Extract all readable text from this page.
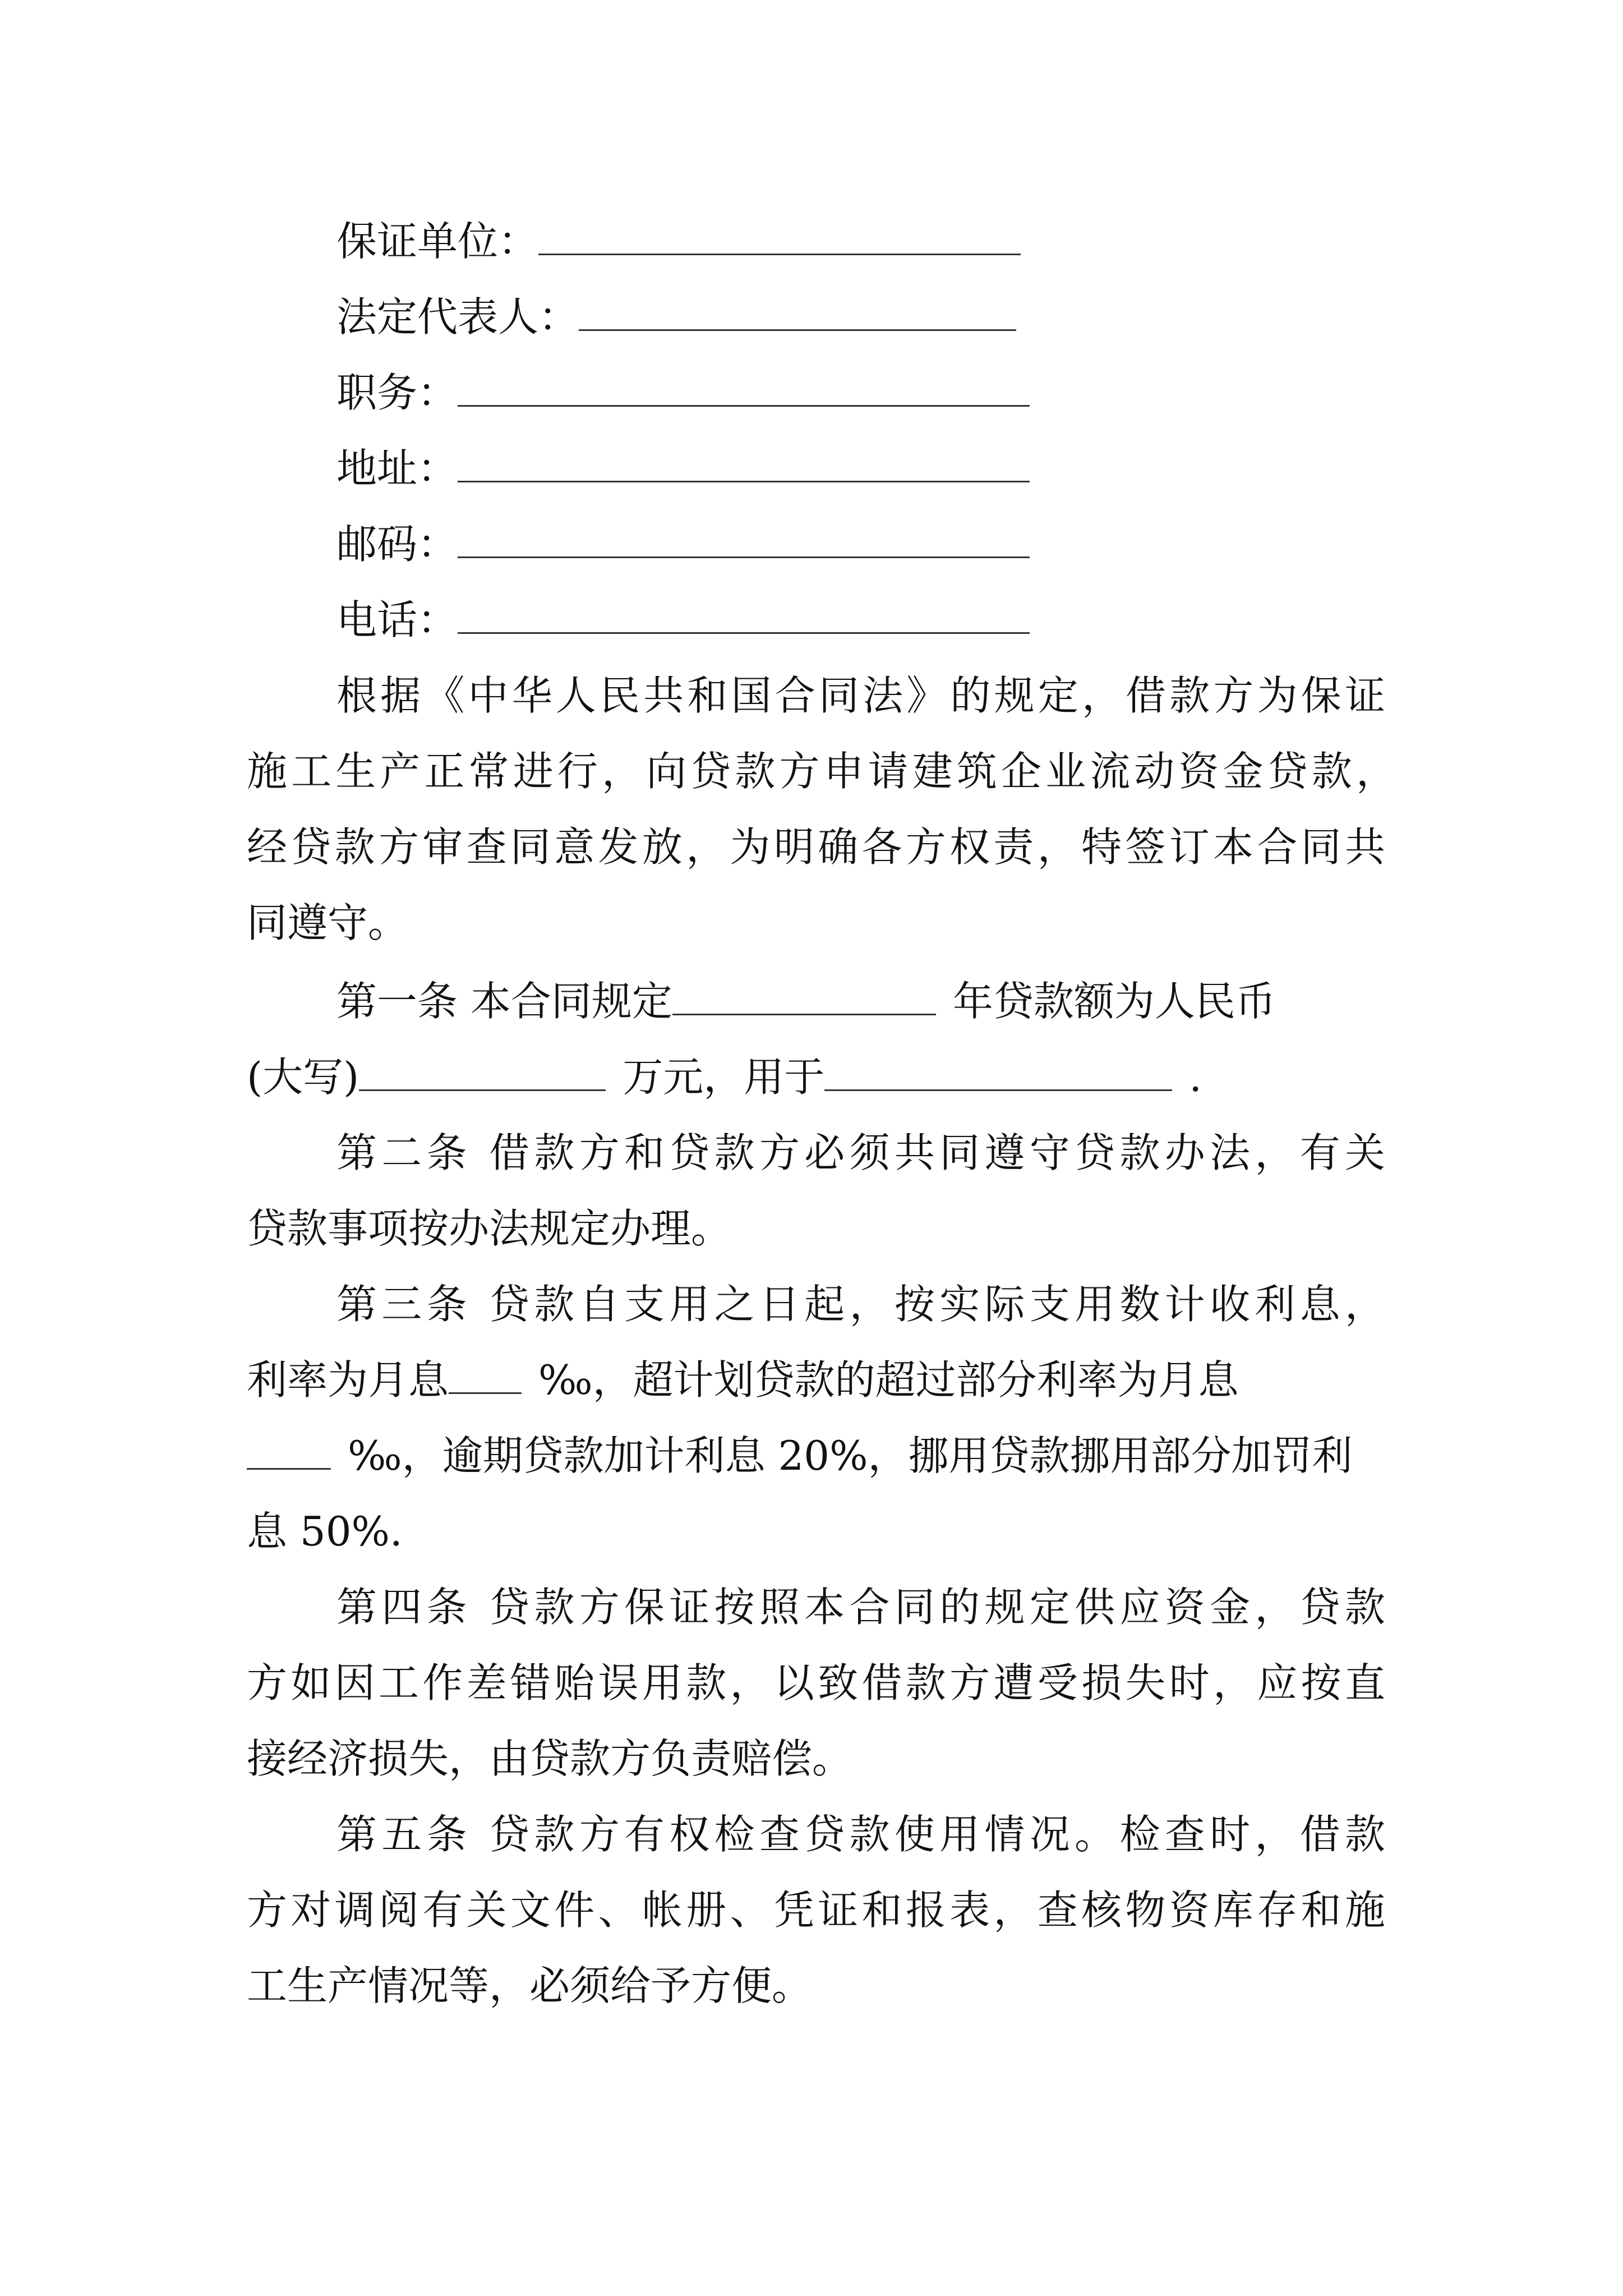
保证单位：
法定代表人：
职务：
地址：
邮码：
电话：
根据《中华人民共和国合同法》的规定，借款方为保证
施工生产正常进行，向贷款方申请建筑企业流动资金贷款，
经贷款方审查同意发放，为明确各方权责，特签订本合同共
同遵守。
第一条 本合同规定	年贷款额为人民币
(大写)	万元，用于	.
第二条 借款方和贷款方必须共同遵守贷款办法，有关
贷款事项按办法规定办理。
第三条 贷款自支用之日起，按实际支用数计收利息，
利率为月息 ‰，超计划贷款的超过部分利率为月息
‰，逾期贷款加计利息 20%，挪用贷款挪用部分加罚利
息 50%.
第四条 贷款方保证按照本合同的规定供应资金，贷款
方如因工作差错贻误用款，以致借款方遭受损失时，应按直
接经济损失，由贷款方负责赔偿。
第五条 贷款方有权检查贷款使用情况。检查时，借款
方对调阅有关文件、帐册、凭证和报表，查核物资库存和施
工生产情况等，必须给予方便。
